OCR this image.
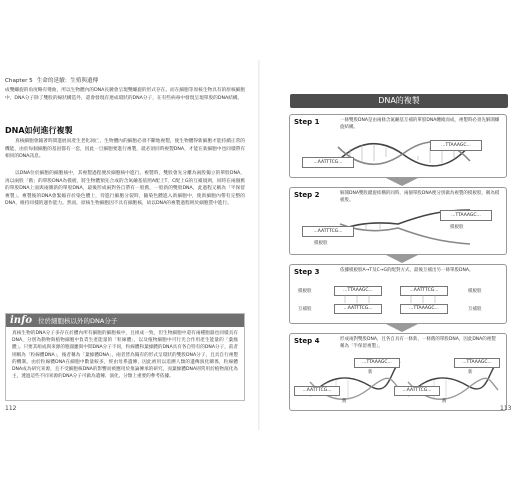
Chapter 5 生命的延續：生殖與遺傳
成雙螺旋的角度略有彎曲，所以生物體內的DNA長鏈會呈現雙螺旋的形式存在。而在細胞等原核生物具有的原核細胞中，DNA分子除了雙股的線狀構造外，還會發現有連成環狀的DNA分子，在有些病毒中發現呈現單股的DNA結構。
DNA如何進行複製
真核細胞會隨著時間進展而產生老化凋亡，生物體內的細胞必須不斷地複製，使生物體得新細胞才能持續正常的機能，由於每個細胞的基因都有一套，因此一旦細胞要進行複製，就必須同時複製DNA，才能在新細胞中也同樣帶有相同的DNA訊息。
以DNA位於細胞的細胞核中，其複製過程便於細胞核中進行。複製時，雙股會先分離為兩股獨立的單股DNA，再以兩股「舊」的單股DNA為模板，將生物體預先合成的含氮鹼基依照A配上T、C配上G的互補規則，同時在兩個舊的單股DNA上面與兩側新的單股DNA，最後形成兩對各自帶有一股舊，一股新的雙股DNA，此過程又稱為「半保留複製」。複製後的DNA會緊縮存於染色體上，待進行細胞分裂時，隨染色體進入新細胞中，使新細胞內帶有完整的DNA，維持同樣的運作能力。然而，原核生物細胞因不具有細胞核，故以DNA的複製過程則於細胞質中進行。
info 位於細胞核以外的DNA分子
真核生物的DNA分子多存在於體內所有細胞的細胞核中，且組成一致，但生物細胞中還有兩種胞器也同樣具有DNA，分別為動物與植物細胞中負責生產能量的「粒線體」，以及植物細胞中可行光合作用產生能量的「葉綠體」。只要其組成與來源的胞器雖與中間DNA分子不同，粒線體和葉綠體的DNA具有各自特有的DNA分子，前者則稱為「粒線體DNA」，後者稱為「葉綠體DNA」，兩者皆為獨有的形式呈環狀的雙股DNA分子，且具自行複製的機制。由於粒線體DNA在細胞中數量較多，經由母系遺傳，因此被用以追溯人類的遺傳演化關係，粒線體DNA成為研究來源，且不受細胞核DNA的影響而被應用於推論傳承的研究，而葉綠體DNA則常用於植物演化為主，透過這些不同來源的DNA分子可做為遺傳、演化、分類上重要的參考依據。
112
DNA的複製
Step 1	一條雙股DNA是由兩條含氮鹼基互補的單股DNA纏繞而成，複製時必須先解開螺旋結構。
...TTAAAGC...
...AATTTCG...
Step 2	解開DNA雙股鍵旋結構的同時，兩個單股DNA便分別做為複製的模板股，稱為模板股。
...TTAAAGC...
...AATTTCG...
模板股
模板股
Step 3	依據模板股A→T及C→G的配對方式，最後互補出另一條單股DNA。
模板股	...TTAAAGC...	...AATTTCG...	模板股
互補股	...AATTTCG...	...TTAAAGC...	互補股
Step 4	形成兩對雙股DNA，且各自具有一條新、一條舊的單股DNA，因此DNA的複製稱為「半保留複製」。
...TTAAAGC...
...AATTTCG...
...TTAAAGC...
...AATTTCG...
新
舊
新
舊
113
